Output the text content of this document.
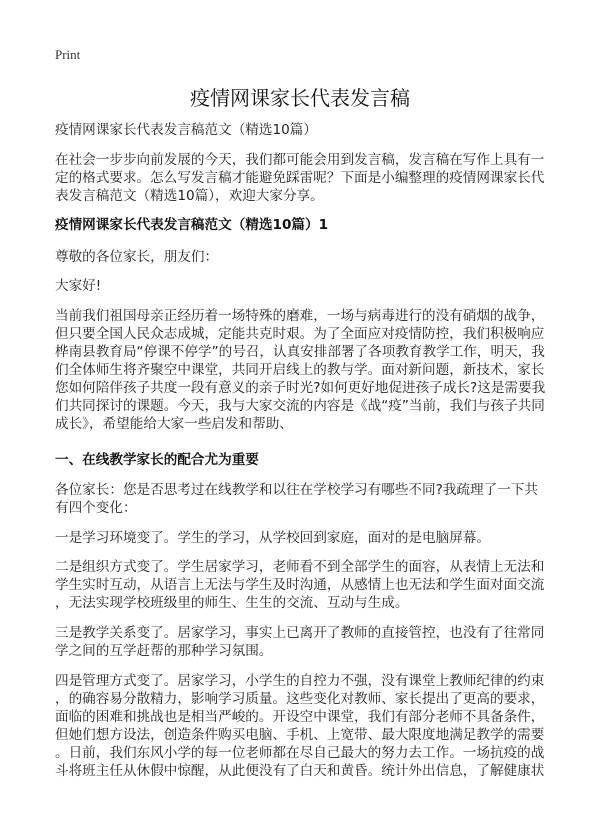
Print
疫情网课家长代表发言稿
疫情网课家长代表发言稿范文（精选10篇）
在社会一步步向前发展的今天，我们都可能会用到发言稿，发言稿在写作上具有一
定的格式要求。怎么写发言稿才能避免踩雷呢？下面是小编整理的疫情网课家长代
表发言稿范文（精选10篇），欢迎大家分享。
疫情网课家长代表发言稿范文（精选10篇）1
尊敬的各位家长，朋友们：
大家好!
当前我们祖国母亲正经历着一场特殊的磨难，一场与病毒进行的没有硝烟的战争，
但只要全国人民众志成城，定能共克时艰。为了全面应对疫情防控，我们积极响应
桦南县教育局“停课不停学”的号召，认真安排部署了各项教育教学工作，明天，我
们全体师生将齐聚空中课堂，共同开启线上的教与学。面对新问题，新技术，家长
您如何陪伴孩子共度一段有意义的亲子时光?如何更好地促进孩子成长?这是需要我
们共同探讨的课题。今天，我与大家交流的内容是《战“疫”当前，我们与孩子共同
成长》，希望能给大家一些启发和帮助、
一、在线教学家长的配合尤为重要
各位家长：您是否思考过在线教学和以往在学校学习有哪些不同?我疏理了一下共
有四个变化：
一是学习环境变了。学生的学习，从学校回到家庭，面对的是电脑屏幕。
二是组织方式变了。学生居家学习，老师看不到全部学生的面容，从表情上无法和
学生实时互动，从语言上无法与学生及时沟通，从感情上也无法和学生面对面交流
，无法实现学校班级里的师生、生生的交流、互动与生成。
三是教学关系变了。居家学习，事实上已离开了教师的直接管控，也没有了往常同
学之间的互学赶帮的那种学习氛围。
四是管理方式变了。居家学习，小学生的自控力不强，没有课堂上教师纪律的约束
，的确容易分散精力，影响学习质量。这些变化对教师、家长提出了更高的要求，
面临的困难和挑战也是相当严峻的。开设空中课堂，我们有部分老师不具备条件，
但她们想方设法，创造条件购买电脑、手机、上宽带、最大限度地满足教学的需要
。日前，我们东风小学的每一位老师都在尽自己最大的努力去工作。一场抗疫的战
斗将班主任从休假中惊醒，从此便没有了白天和黄昏。统计外出信息，了解健康状
